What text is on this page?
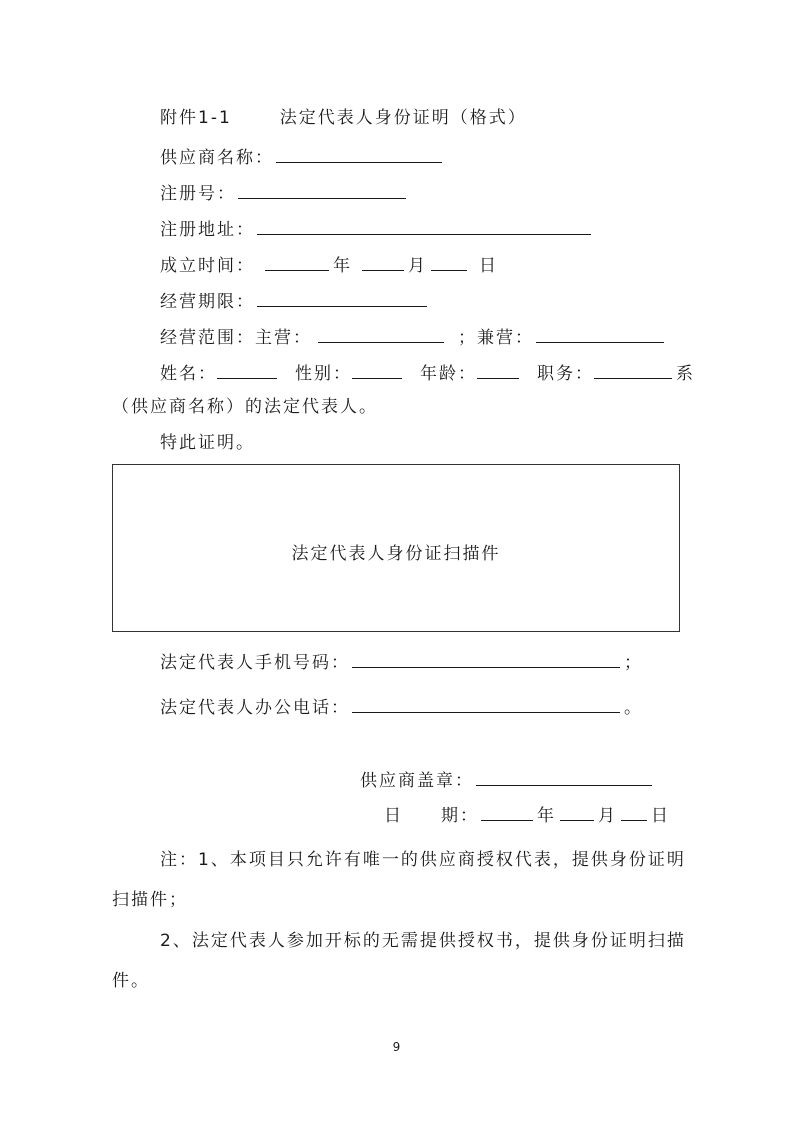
附件1-1	法定代表人身份证明（格式）
供应商名称：
注册号：
注册地址：
成立时间：	年	月	日
经营期限：
经营范围：主营：	；兼营：
姓名：	性别：	年龄：	职务：	系
（供应商名称）的法定代表人。
特此证明。
法定代表人身份证扫描件
法定代表人手机号码：	；
法定代表人办公电话：	。
供应商盖章：
日　　期：	年 月 日
注：1、本项目只允许有唯一的供应商授权代表，提供身份证明
扫描件；
2、法定代表人参加开标的无需提供授权书，提供身份证明扫描
件。
9
